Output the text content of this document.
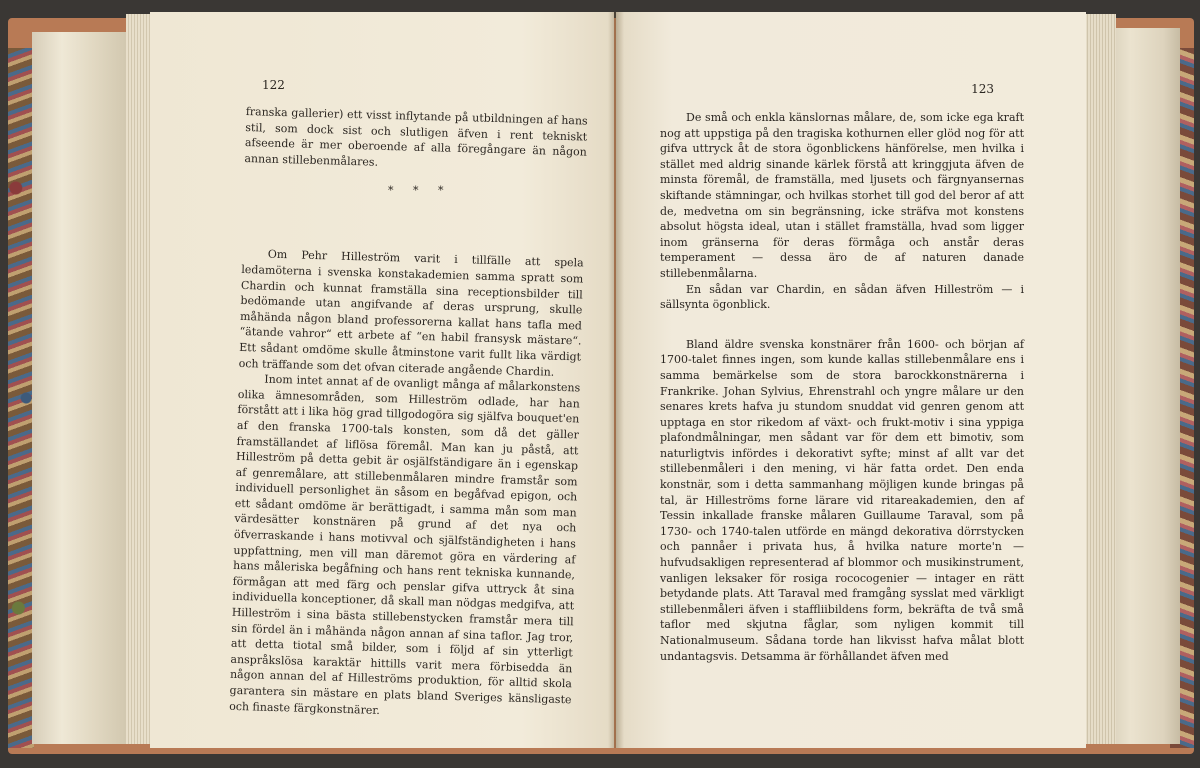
122
* * *

franska gallerier) ett visst inflytande på utbildningen af hans stil, som dock sist och slutligen äfven i rent tekniskt afseende är mer oberoende af alla föregångare än någon annan stillebenmålares.

Om Pehr Hilleström varit i tillfälle att spela ledamöterna i svenska konstakademien samma spratt som Chardin och kunnat framställa sina receptionsbilder till bedömande utan angifvande af deras ursprung, skulle måhända någon bland professorerna kallat hans tafla med “ätande vahror“ ett arbete af “en habil fransysk mästare“. Ett sådant omdöme skulle åtminstone varit fullt lika värdigt och träffande som det ofvan citerade angående Chardin.

Inom intet annat af de ovanligt många af målarkonstens olika ämnesområden, som Hilleström odlade, har han förstått att i lika hög grad tillgodogöra sig själfva bouquet'en af den franska 1700-tals konsten, som då det gäller framställandet af liflösa föremål. Man kan ju påstå, att Hilleström på detta gebit är osjälfständigare än i egenskap af genremålare, att stillebenmålaren mindre framstår som individuell personlighet än såsom en begåfvad epigon, och ett sådant omdöme är berättigadt, i samma mån som man värdesätter konstnären på grund af det nya och öfverraskande i hans motivval och själfständigheten i hans uppfattning, men vill man däremot göra en värdering af hans måleriska begåfning och hans rent tekniska kunnande, förmågan att med färg och penslar gifva uttryck åt sina individuella konceptioner, då skall man nödgas medgifva, att Hilleström i sina bästa stillebenstycken framstår mera till sin fördel än i måhända någon annan af sina taflor. Jag tror, att detta tiotal små bilder, som i följd af sin ytterligt anspråkslösa karaktär hittills varit mera förbisedda än någon annan del af Hilleströms produktion, för alltid skola garantera sin mästare en plats bland Sveriges känsligaste och finaste färgkonstnärer.

123

De små och enkla känslornas målare, de, som icke ega kraft nog att uppstiga på den tragiska kothurnen eller glöd nog för att gifva uttryck åt de stora ögonblickens hänförelse, men hvilka i stället med aldrig sinande kärlek förstå att kringgjuta äfven de minsta föremål, de framställa, med ljusets och färgnyansernas skiftande stämningar, och hvilkas storhet till god del beror af att de, medvetna om sin begränsning, icke sträfva mot konstens absolut högsta ideal, utan i stället framställa, hvad som ligger inom gränserna för deras förmåga och anstår deras temperament — dessa äro de af naturen danade stillebenmålarna.

En sådan var Chardin, en sådan äfven Hilleström — i sällsynta ögonblick.

Bland äldre svenska konstnärer från 1600- och början af 1700-talet finnes ingen, som kunde kallas stillebenmålare ens i samma bemärkelse som de stora barockkonstnärerna i Frankrike. Johan Sylvius, Ehrenstrahl och yngre målare ur den senares krets hafva ju stundom snuddat vid genren genom att upptaga en stor rikedom af växt- och frukt-motiv i sina yppiga plafondmålningar, men sådant var för dem ett bimotiv, som naturligtvis infördes i dekorativt syfte; minst af allt var det stillebenmåleri i den mening, vi här fatta ordet. Den enda konstnär, som i detta sammanhang möjligen kunde bringas på tal, är Hilleströms forne lärare vid ritareakademien, den af Tessin inkallade franske målaren Guillaume Taraval, som på 1730- och 1740-talen utförde en mängd dekorativa dörrstycken och pannåer i privata hus, å hvilka nature morte'n — hufvudsakligen representerad af blommor och musikinstrument, vanligen leksaker för rosiga rococogenier — intager en rätt betydande plats. Att Taraval med framgång sysslat med värkligt stillebenmåleri äfven i staffliibildens form, bekräfta de två små taflor med skjutna fåglar, som nyligen kommit till Nationalmuseum. Sådana torde han likvisst hafva målat blott undantagsvis. Detsamma är förhållandet äfven med
